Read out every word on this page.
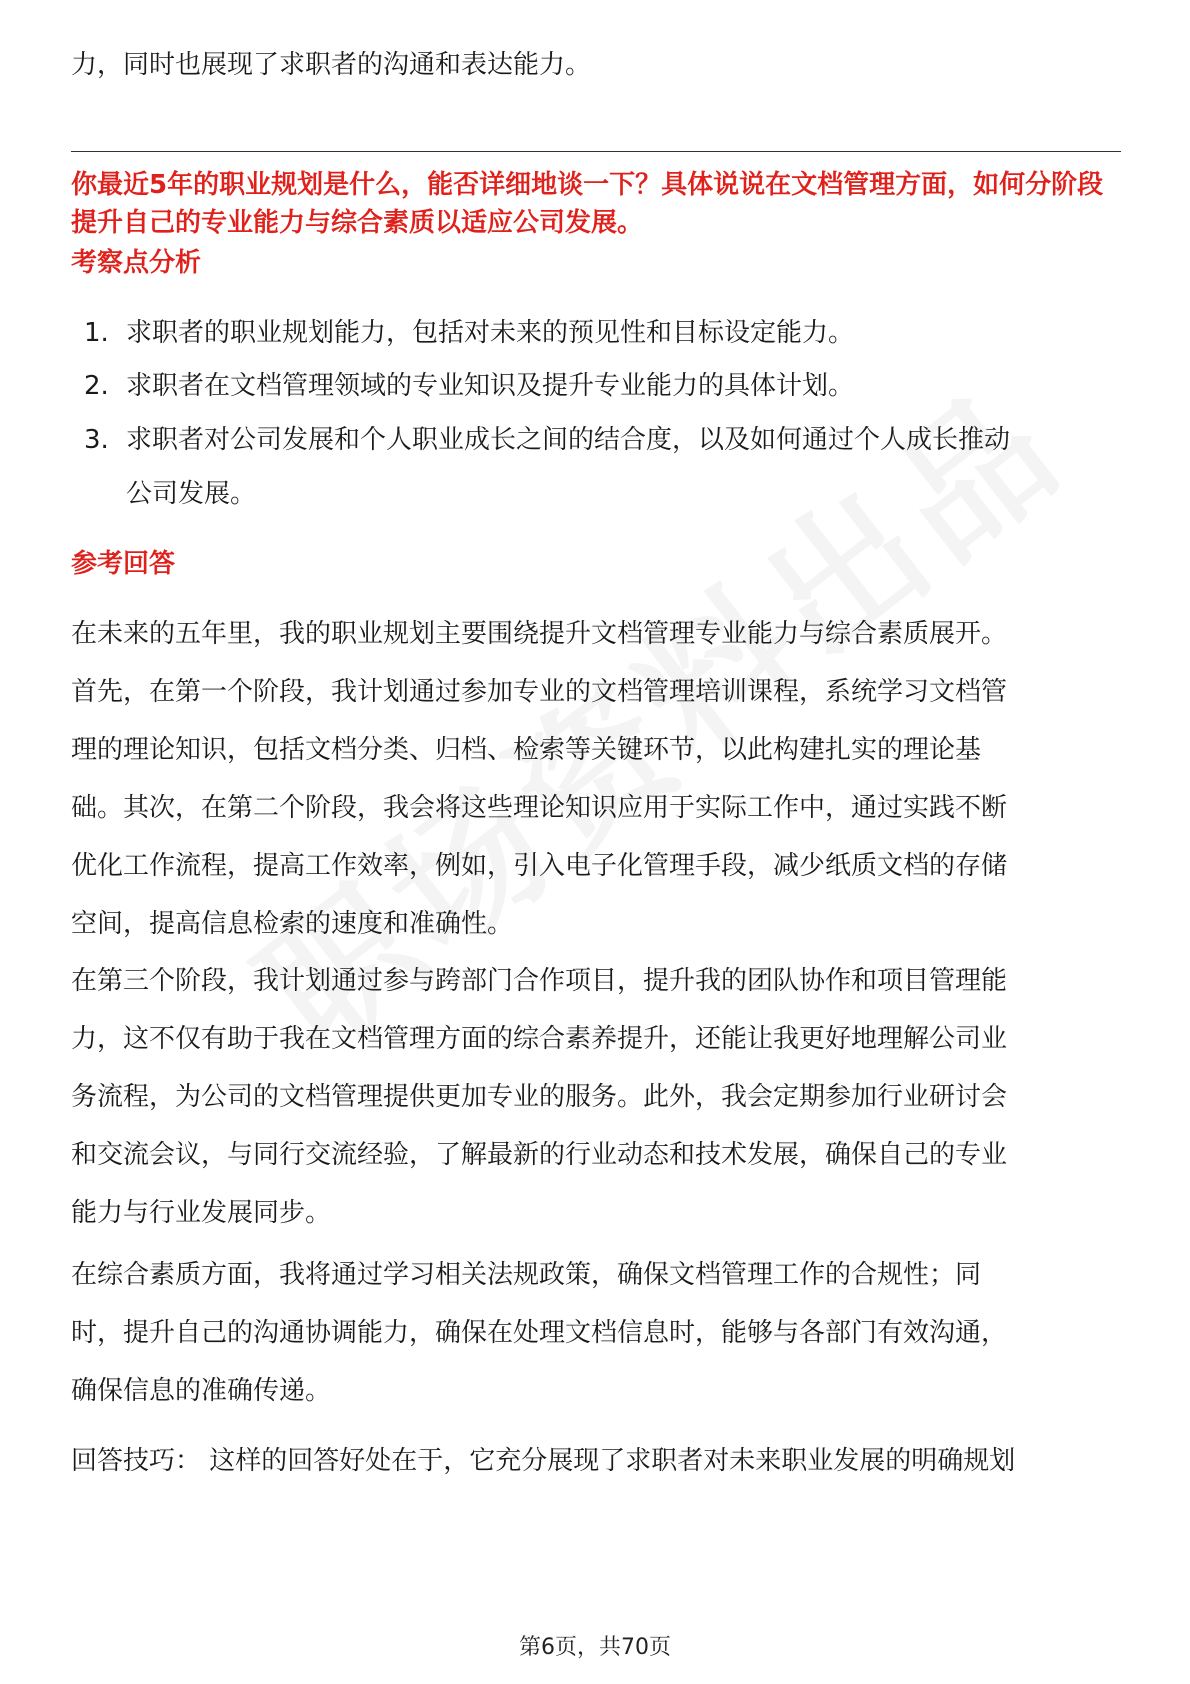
力，同时也展现了求职者的沟通和表达能力。
你最近5年的职业规划是什么，能否详细地谈一下？具体说说在文档管理方面，如何分阶段提升自己的专业能力与综合素质以适应公司发展。
考察点分析
1. 求职者的职业规划能力，包括对未来的预见性和目标设定能力。
2. 求职者在文档管理领域的专业知识及提升专业能力的具体计划。
3. 求职者对公司发展和个人职业成长之间的结合度，以及如何通过个人成长推动
公司发展。
参考回答
在未来的五年里，我的职业规划主要围绕提升文档管理专业能力与综合素质展开。
首先，在第一个阶段，我计划通过参加专业的文档管理培训课程，系统学习文档管
理的理论知识，包括文档分类、归档、检索等关键环节，以此构建扎实的理论基
础。其次，在第二个阶段，我会将这些理论知识应用于实际工作中，通过实践不断
优化工作流程，提高工作效率，例如，引入电子化管理手段，减少纸质文档的存储
空间，提高信息检索的速度和准确性。
在第三个阶段，我计划通过参与跨部门合作项目，提升我的团队协作和项目管理能
力，这不仅有助于我在文档管理方面的综合素养提升，还能让我更好地理解公司业
务流程，为公司的文档管理提供更加专业的服务。此外，我会定期参加行业研讨会
和交流会议，与同行交流经验，了解最新的行业动态和技术发展，确保自己的专业
能力与行业发展同步。
在综合素质方面，我将通过学习相关法规政策，确保文档管理工作的合规性；同
时，提升自己的沟通协调能力，确保在处理文档信息时，能够与各部门有效沟通，
确保信息的准确传递。
回答技巧： 这样的回答好处在于，它充分展现了求职者对未来职业发展的明确规划
第6页，共70页
